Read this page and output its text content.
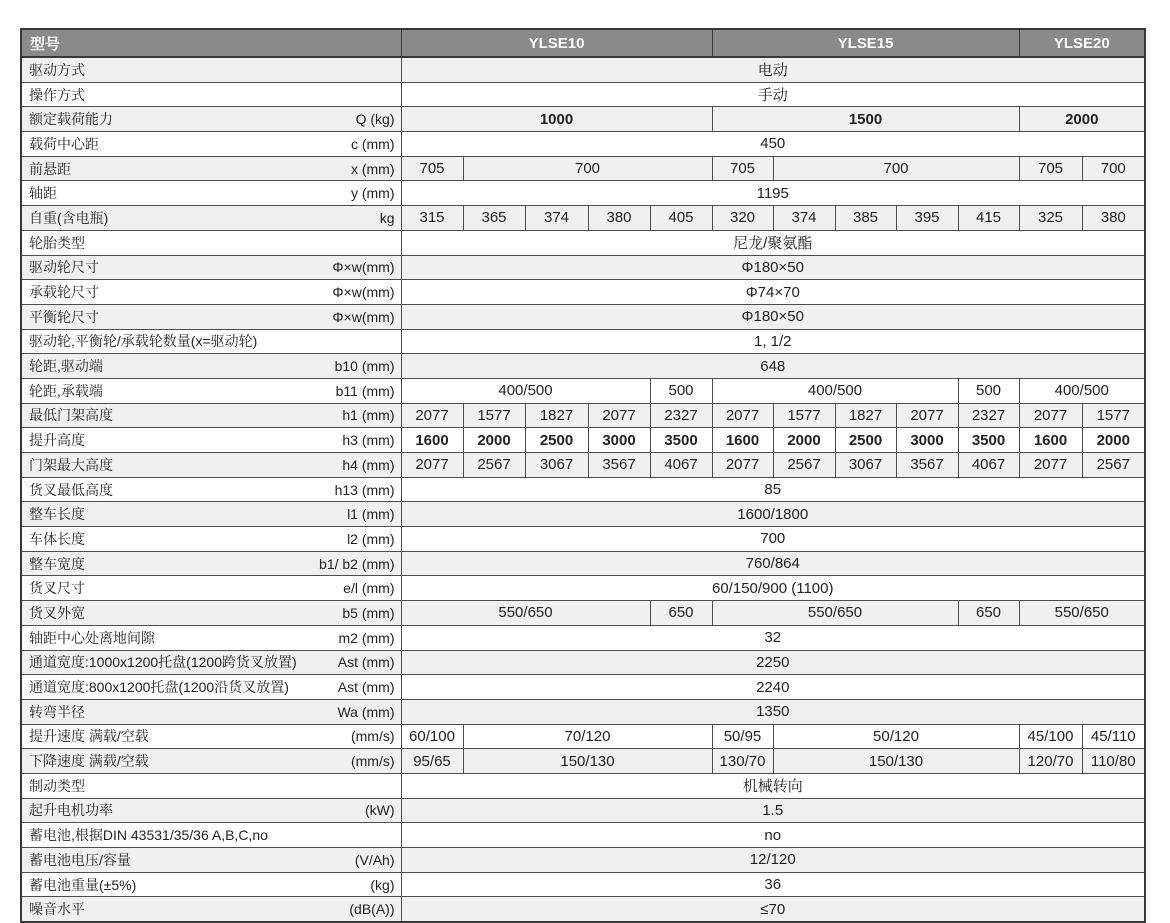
型号	YLSE10					YLSE15					YLSE20	

驱动方式	电动											

操作方式	手动											

额定载荷能力 Q (kg)	1000					1500					2000	

载荷中心距 c (mm)	450											

前悬距 x (mm)	705	700				705	700				705	700

轴距 y (mm)	1195											

自重(含电瓶) kg	315	365	374	380	405	320	374	385	395	415	325	380

轮胎类型	尼龙/聚氨酯											

驱动轮尺寸 Φ×w(mm)	Φ180×50											

承载轮尺寸 Φ×w(mm)	Φ74×70											

平衡轮尺寸 Φ×w(mm)	Φ180×50											

驱动轮,平衡轮/承载轮数量(x=驱动轮)	1, 1/2											

轮距,驱动端 b10 (mm)	648											

轮距,承载端 b11 (mm)	400/500				500	400/500				500	400/500	

最低门架高度 h1 (mm)	2077	1577	1827	2077	2327	2077	1577	1827	2077	2327	2077	1577

提升高度 h3 (mm)	1600	2000	2500	3000	3500	1600	2000	2500	3000	3500	1600	2000

门架最大高度 h4 (mm)	2077	2567	3067	3567	4067	2077	2567	3067	3567	4067	2077	2567

货叉最低高度 h13 (mm)	85											

整车长度 l1 (mm)	1600/1800											

车体长度 l2 (mm)	700											

整车宽度 b1/ b2 (mm)	760/864											

货叉尺寸 e/l (mm)	60/150/900 (1100)											

货叉外宽 b5 (mm)	550/650				650	550/650				650	550/650	

轴距中心处离地间隙 m2 (mm)	32											

通道宽度:1000x1200托盘(1200跨货叉放置) Ast (mm)	2250											

通道宽度:800x1200托盘(1200沿货叉放置) Ast (mm)	2240											

转弯半径 Wa (mm)	1350											

提升速度 满载/空载 (mm/s)	60/100	70/120				50/95	50/120				45/100	45/110

下降速度 满载/空载 (mm/s)	95/65	150/130				130/70	150/130				120/70	110/80

制动类型	机械转向											

起升电机功率 (kW)	1.5											

蓄电池,根据DIN 43531/35/36 A,B,C,no	no											

蓄电池电压/容量 (V/Ah)	12/120											

蓄电池重量(±5%) (kg)	36											

噪音水平 (dB(A))	≤70											
